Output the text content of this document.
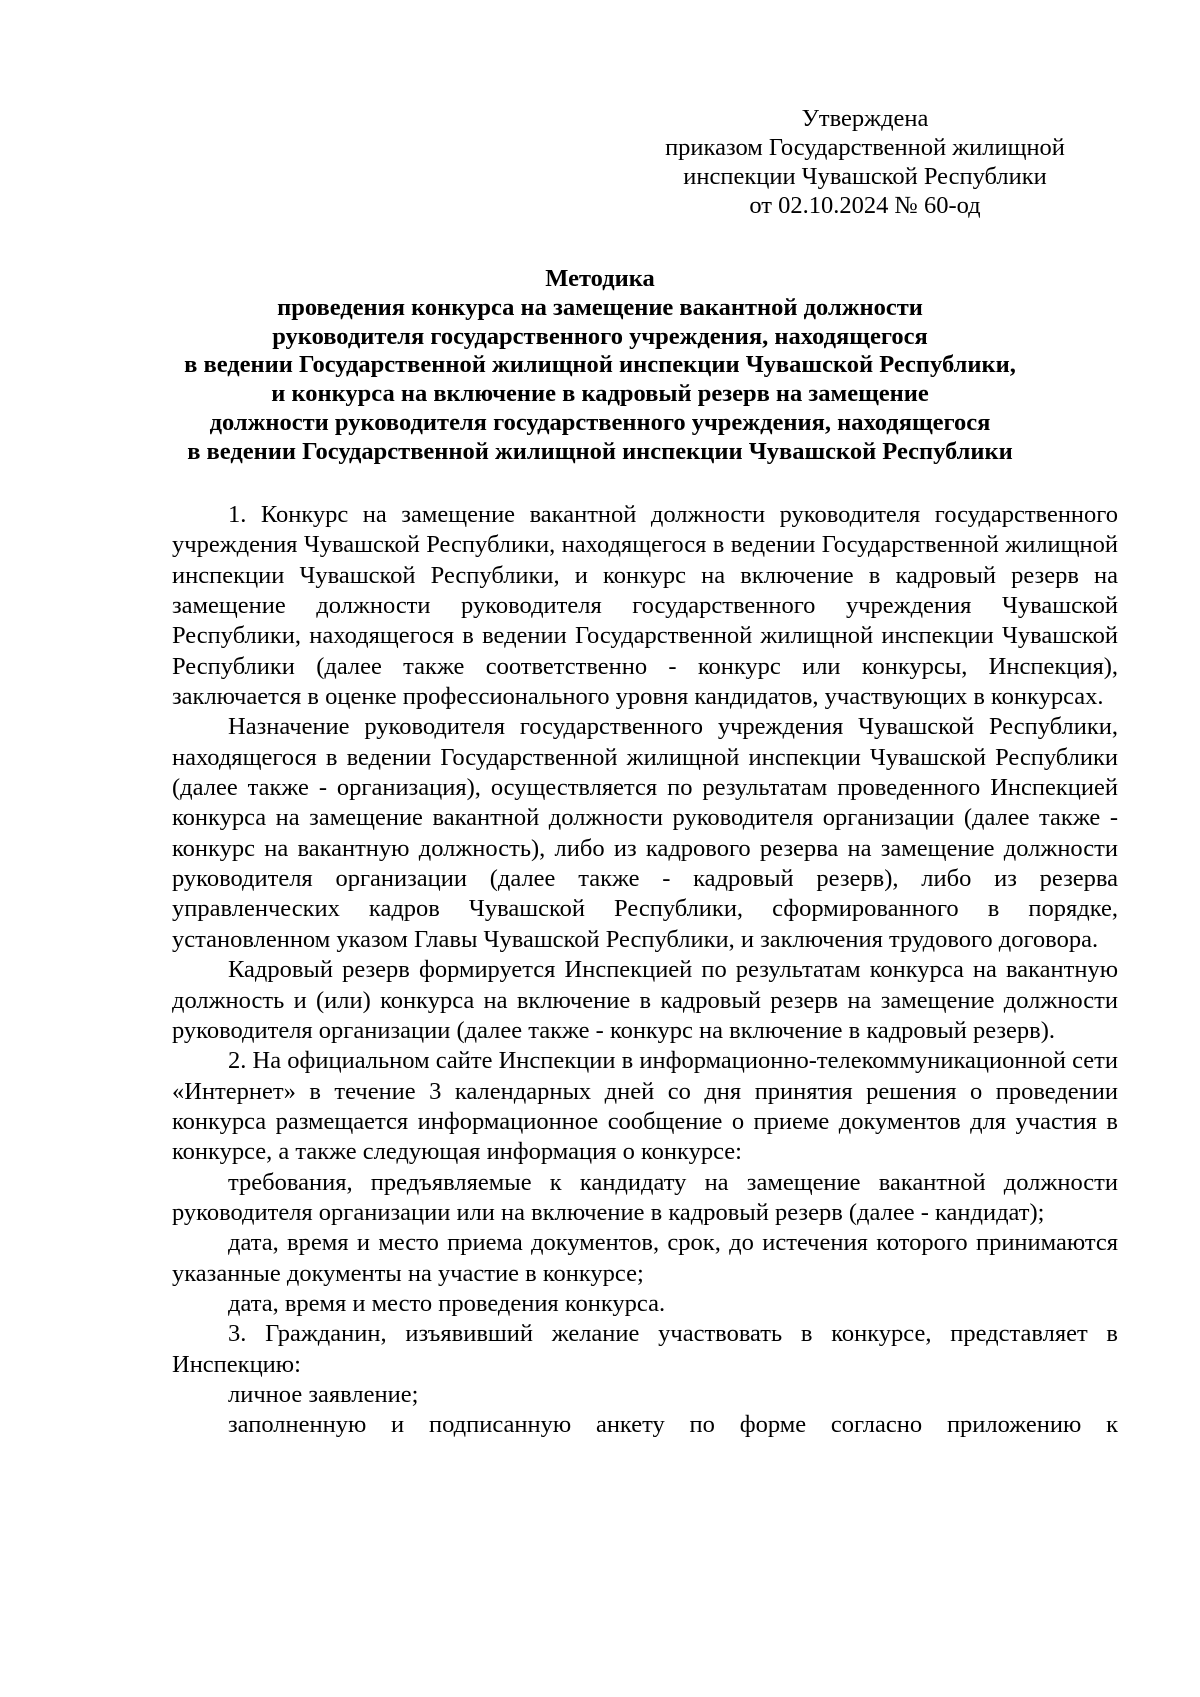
Утверждена
приказом Государственной жилищной
инспекции Чувашской Республики
от 02.10.2024 № 60-од
Методика
проведения конкурса на замещение вакантной должности
руководителя государственного учреждения, находящегося
в ведении Государственной жилищной инспекции Чувашской Республики,
и конкурса на включение в кадровый резерв на замещение
должности руководителя государственного учреждения, находящегося
в ведении Государственной жилищной инспекции Чувашской Республики

1. Конкурс на замещение вакантной должности руководителя государственного учреждения Чувашской Республики, находящегося в ведении Государственной жилищной инспекции Чувашской Республики, и конкурс на включение в кадровый резерв на замещение должности руководителя государственного учреждения Чувашской Республики, находящегося в ведении Государственной жилищной инспекции Чувашской Республики (далее также соответственно - конкурс или конкурсы, Инспекция), заключается в оценке профессионального уровня кандидатов, участвующих в конкурсах.

Назначение руководителя государственного учреждения Чувашской Республики, находящегося в ведении Государственной жилищной инспекции Чувашской Республики (далее также - организация), осуществляется по результатам проведенного Инспекцией конкурса на замещение вакантной должности руководителя организации (далее также - конкурс на вакантную должность), либо из кадрового резерва на замещение должности руководителя организации (далее также - кадровый резерв), либо из резерва управленческих кадров Чувашской Республики, сформированного в порядке, установленном указом Главы Чувашской Республики, и заключения трудового договора.

Кадровый резерв формируется Инспекцией по результатам конкурса на вакантную должность и (или) конкурса на включение в кадровый резерв на замещение должности руководителя организации (далее также - конкурс на включение в кадровый резерв).

2. На официальном сайте Инспекции в информационно-телекоммуникационной сети «Интернет» в течение 3 календарных дней со дня принятия решения о проведении конкурса размещается информационное сообщение о приеме документов для участия в конкурсе, а также следующая информация о конкурсе:

требования, предъявляемые к кандидату на замещение вакантной должности руководителя организации или на включение в кадровый резерв (далее - кандидат);

дата, время и место приема документов, срок, до истечения которого принимаются указанные документы на участие в конкурсе;

дата, время и место проведения конкурса.

3. Гражданин, изъявивший желание участвовать в конкурсе, представляет в Инспекцию:

личное заявление;

заполненную и подписанную анкету по форме согласно приложению к
